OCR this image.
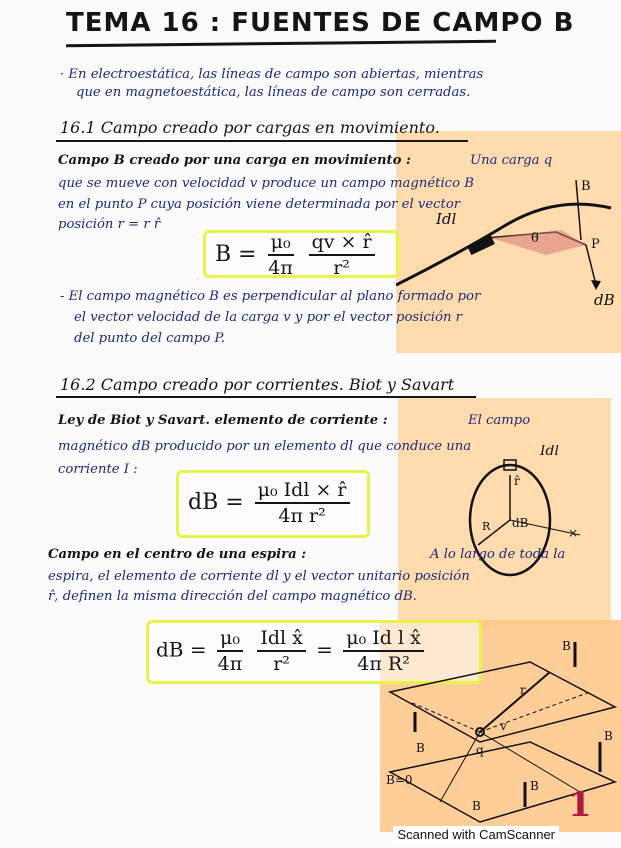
TEMA 16 : FUENTES DE CAMPO B
· En electroestática, las líneas de campo son abiertas, mientras
que en magnetoestática, las líneas de campo son cerradas.
16.1 Campo creado por cargas en movimiento.
Campo B creado por una carga en movimiento :	Una carga q
que se mueve con velocidad v produce un campo magnético B
en el punto P cuya posición viene determinada por el vector
posición r = r r̂
$B = \frac{\text{μ₀}}{4\pi}$
$\frac{qv \times r̂}{\text{r²}}$
Idl
P
B
dB
θ
- El campo magnético B es perpendicular al plano formado por
el vector velocidad de la carga v y por el vector posición r
del punto del campo P.
16.2 Campo creado por corrientes. Biot y Savart
Ley de Biot y Savart. elemento de corriente :	El campo
magnético dB producido por un elemento dl que conduce una
corriente I :
dB = $\frac{\text{μ₀ Idl × r̂}}{\text{4π r²}}$
Idl
r̂
dB
R	×
Campo en el centro de una espira :	A lo largo de toda la
espira, el elemento de corriente dl y el vector unitario posición
r̂, definen la misma dirección del campo magnético dB.
dB = $\frac{\text{μ₀}}{4\pi}$
$\frac{\text{Idl x̂}}{\text{r²}} = \frac{\text{μ₀ Id l x̂}}{\text{4π R²}}$
B
B
B
B
B
B=0
q
r
v
1
Scanned with CamScanner
